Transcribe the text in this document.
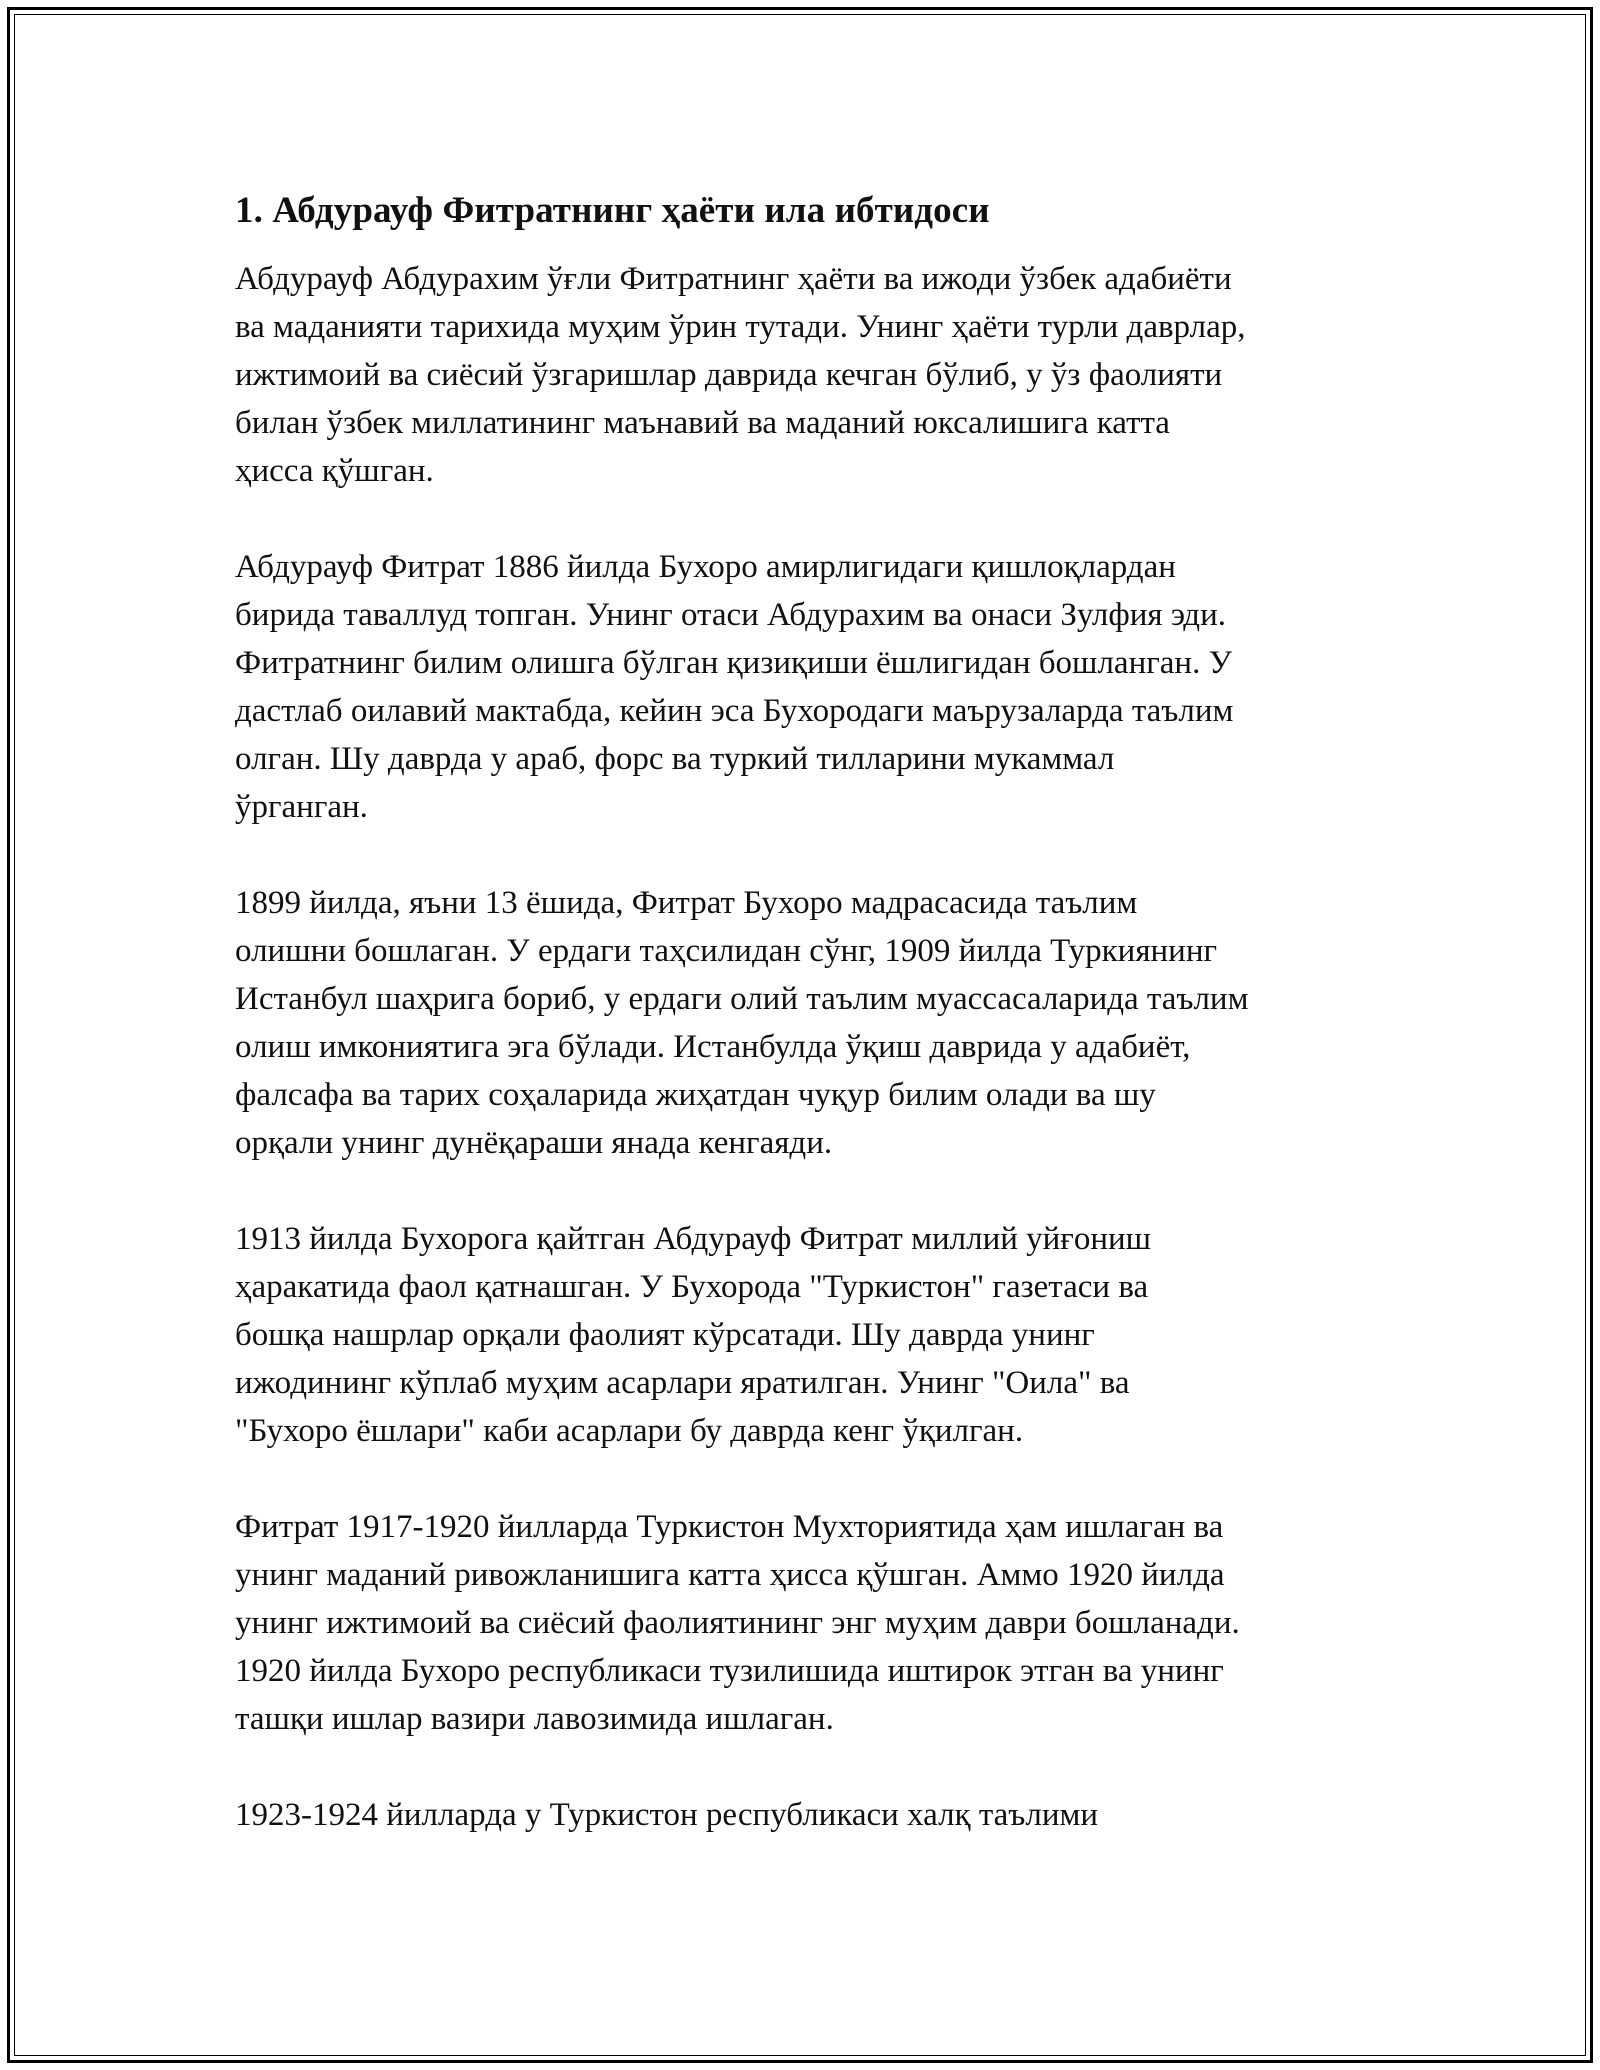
1. Абдурауф Фитратнинг ҳаёти ила ибтидоси

Абдурауф Абдурахим ўғли Фитратнинг ҳаёти ва ижоди ўзбек адабиёти
ва маданияти тарихида муҳим ўрин тутади. Унинг ҳаёти турли даврлар,
ижтимоий ва сиёсий ўзгаришлар даврида кечган бўлиб, у ўз фаолияти
билан ўзбек миллатининг маънавий ва маданий юксалишига катта
ҳисса қўшган.

Абдурауф Фитрат 1886 йилда Бухоро амирлигидаги қишлоқлардан
бирида таваллуд топган. Унинг отаси Абдурахим ва онаси Зулфия эди.
Фитратнинг билим олишга бўлган қизиқиши ёшлигидан бошланган. У
дастлаб оилавий мактабда, кейин эса Бухородаги маърузаларда таълим
олган. Шу даврда у араб, форс ва туркий тилларини мукаммал
ўрганган.

1899 йилда, яъни 13 ёшида, Фитрат Бухоро мадрасасида таълим
олишни бошлаган. У ердаги таҳсилидан сўнг, 1909 йилда Туркиянинг
Истанбул шаҳрига бориб, у ердаги олий таълим муассасаларида таълим
олиш имкониятига эга бўлади. Истанбулда ўқиш даврида у адабиёт,
фалсафа ва тарих соҳаларида жиҳатдан чуқур билим олади ва шу
орқали унинг дунёқараши янада кенгаяди.

1913 йилда Бухорога қайтган Абдурауф Фитрат миллий уйғониш
ҳаракатида фаол қатнашган. У Бухорода "Туркистон" газетаси ва
бошқа нашрлар орқали фаолият кўрсатади. Шу даврда унинг
ижодининг кўплаб муҳим асарлари яратилган. Унинг "Оила" ва
"Бухоро ёшлари" каби асарлари бу даврда кенг ўқилган.

Фитрат 1917-1920 йилларда Туркистон Мухториятида ҳам ишлаган ва
унинг маданий ривожланишига катта ҳисса қўшган. Аммо 1920 йилда
унинг ижтимоий ва сиёсий фаолиятининг энг муҳим даври бошланади.
1920 йилда Бухоро республикаси тузилишида иштирок этган ва унинг
ташқи ишлар вазири лавозимида ишлаган.

1923-1924 йилларда у Туркистон республикаси халқ таълими
